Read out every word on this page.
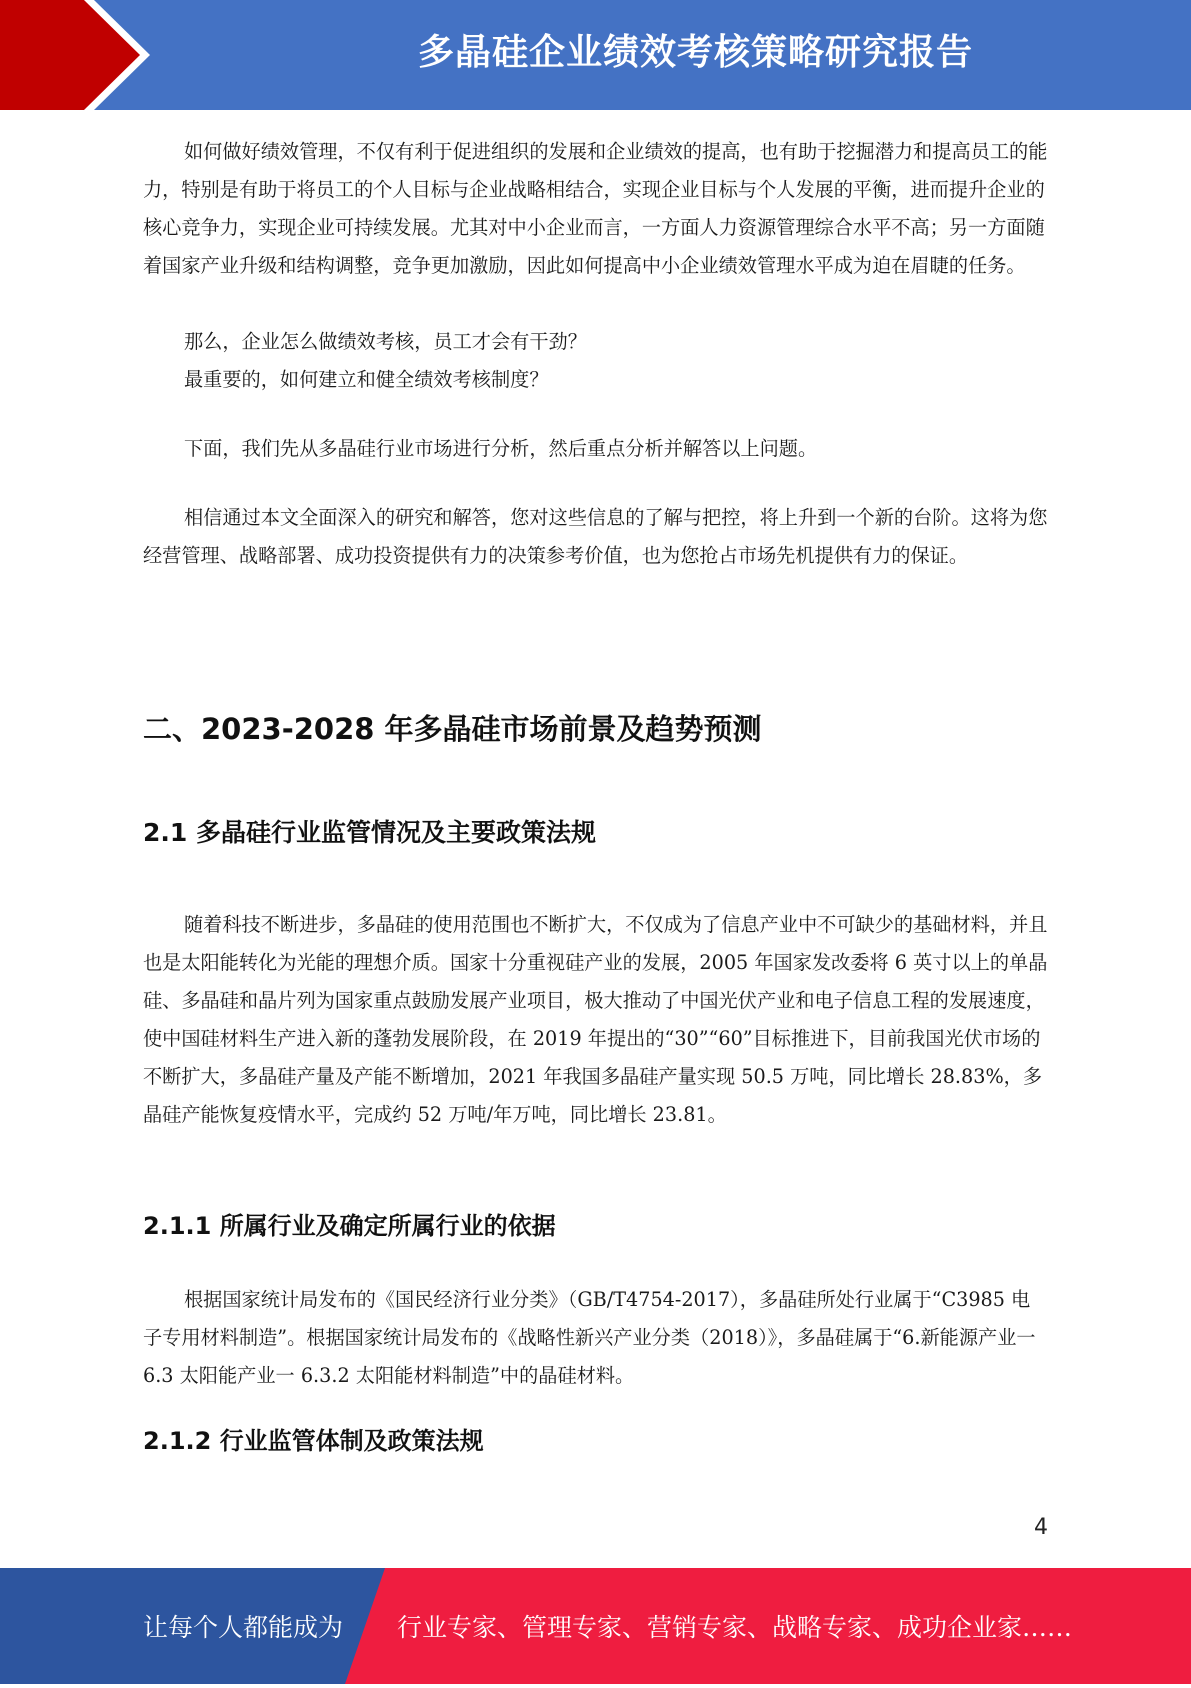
多晶硅企业绩效考核策略研究报告

如何做好绩效管理，不仅有利于促进组织的发展和企业绩效的提高，也有助于挖掘潜力和提高员工的能力，特别是有助于将员工的个人目标与企业战略相结合，实现企业目标与个人发展的平衡，进而提升企业的核心竞争力，实现企业可持续发展。尤其对中小企业而言，一方面人力资源管理综合水平不高；另一方面随着国家产业升级和结构调整，竞争更加激励，因此如何提高中小企业绩效管理水平成为迫在眉睫的任务。

那么，企业怎么做绩效考核，员工才会有干劲？

最重要的，如何建立和健全绩效考核制度？

下面，我们先从多晶硅行业市场进行分析，然后重点分析并解答以上问题。

相信通过本文全面深入的研究和解答，您对这些信息的了解与把控，将上升到一个新的台阶。这将为您经营管理、战略部署、成功投资提供有力的决策参考价值，也为您抢占市场先机提供有力的保证。

二、2023-2028 年多晶硅市场前景及趋势预测
2.1 多晶硅行业监管情况及主要政策法规

随着科技不断进步，多晶硅的使用范围也不断扩大，不仅成为了信息产业中不可缺少的基础材料，并且也是太阳能转化为光能的理想介质。国家十分重视硅产业的发展，2005 年国家发改委将 6 英寸以上的单晶硅、多晶硅和晶片列为国家重点鼓励发展产业项目，极大推动了中国光伏产业和电子信息工程的发展速度，使中国硅材料生产进入新的蓬勃发展阶段，在 2019 年提出的“30”“60”目标推进下，目前我国光伏市场的不断扩大，多晶硅产量及产能不断增加，2021 年我国多晶硅产量实现 50.5 万吨，同比增长 28.83%，多晶硅产能恢复疫情水平，完成约 52 万吨/年万吨，同比增长 23.81。

2.1.1 所属行业及确定所属行业的依据

根据国家统计局发布的《国民经济行业分类》（GB/T4754-2017），多晶硅所处行业属于“C3985 电子专用材料制造”。根据国家统计局发布的《战略性新兴产业分类（2018）》，多晶硅属于“6.新能源产业一 6.3 太阳能产业一 6.3.2 太阳能材料制造”中的晶硅材料。

2.1.2 行业监管体制及政策法规
4
让每个人都能成为 行业专家、管理专家、营销专家、战略专家、成功企业家……
